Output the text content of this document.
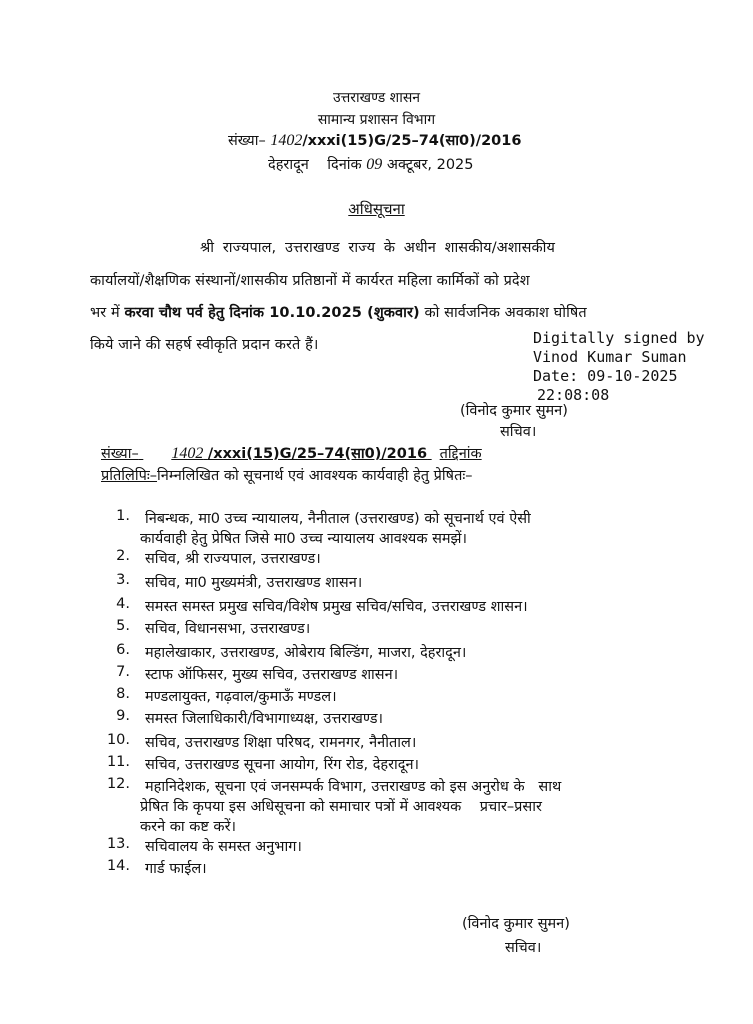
उत्तराखण्ड शासन
सामान्य प्रशासन विभाग
संख्या– 1402/xxxi(15)G/25–74(सा0)/2016
देहरादून    दिनांक 09 अक्टूबर, 2025
अधिसूचना
श्री राज्यपाल, उत्तराखण्ड राज्य के अधीन शासकीय/अशासकीय
कार्यालयों/शैक्षणिक संस्थानों/शासकीय प्रतिष्ठानों में कार्यरत महिला कार्मिकों को प्रदेश
भर में करवा चौथ पर्व हेतु दिनांक 10.10.2025 (शुकवार) को सार्वजनिक अवकाश घोषित
किये जाने की सहर्ष स्वीकृति प्रदान करते हैं।	Digitally signed by
Vinod Kumar Suman
Date: 09-10-2025
22:08:08
(विनोद कुमार सुमन)
सचिव।
संख्या– 1402 /xxxi(15)G/25–74(सा0)/2016 तद्दिनांक
प्रतिलिपिः–निम्नलिखित को सूचनार्थ एवं आवश्यक कार्यवाही हेतु प्रेषितः–
1. निबन्धक, मा0 उच्च न्यायालय, नैनीताल (उत्तराखण्ड) को सूचनार्थ एवं ऐसी
कार्यवाही हेतु प्रेषित जिसे मा0 उच्च न्यायालय आवश्यक समझें।
2. सचिव, श्री राज्यपाल, उत्तराखण्ड।
3. सचिव, मा0 मुख्यमंत्री, उत्तराखण्ड शासन।
4. समस्त समस्त प्रमुख सचिव/विशेष प्रमुख सचिव/सचिव, उत्तराखण्ड शासन।
5. सचिव, विधानसभा, उत्तराखण्ड।
6. महालेखाकार, उत्तराखण्ड, ओबेराय बिल्डिंग, माजरा, देहरादून।
7. स्टाफ ऑफिसर, मुख्य सचिव, उत्तराखण्ड शासन।
8. मण्डलायुक्त, गढ़वाल/कुमाऊँ मण्डल।
9. समस्त जिलाधिकारी/विभागाध्यक्ष, उत्तराखण्ड।
10. सचिव, उत्तराखण्ड शिक्षा परिषद, रामनगर, नैनीताल।
11. सचिव, उत्तराखण्ड सूचना आयोग, रिंग रोड, देहरादून।
12. महानिदेशक, सूचना एवं जनसम्पर्क विभाग, उत्तराखण्ड को इस अनुरोध के   साथ
प्रेषित कि कृपया इस अधिसूचना को समाचार पत्रों में आवश्यक    प्रचार–प्रसार
करने का कष्ट करें।
13. सचिवालय के समस्त अनुभाग।
14. गार्ड फाईल।
(विनोद कुमार सुमन)
सचिव।
